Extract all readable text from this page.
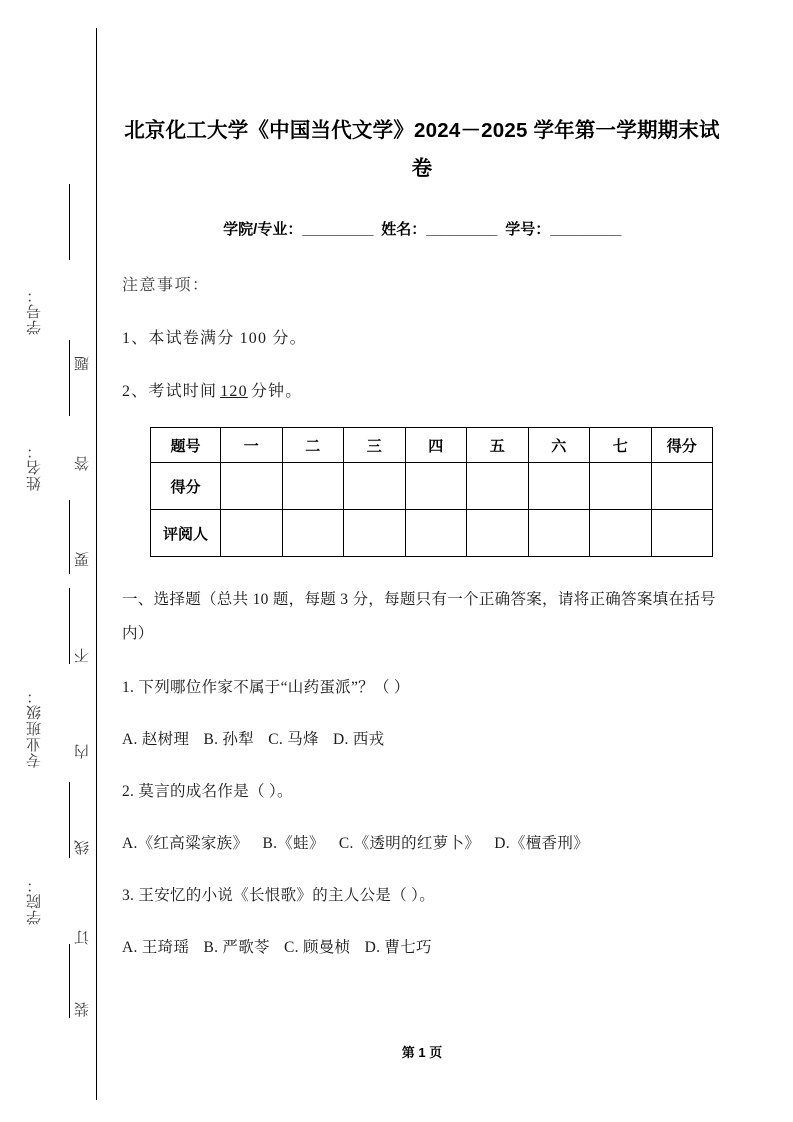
学号：
姓名：
专业班级：
学院：
题
答
要
不
内
线
订
装
北京化工大学《中国当代文学》2024－2025 学年第一学期期末试卷

学院/专业：_________ 姓名：_________ 学号：_________

注意事项：

1、本试卷满分 100 分。

2、考试时间 120 分钟。

题号	一	二	三	四	五	六	七	得分
得分								
评阅人								

一、选择题（总共 10 题，每题 3 分，每题只有一个正确答案，请将正确答案填在括号内）

1. 下列哪位作家不属于“山药蛋派”？（ ）

A. 赵树理 B. 孙犁 C. 马烽 D. 西戎

2. 莫言的成名作是（ ）。

A.《红高粱家族》 B.《蛙》 C.《透明的红萝卜》 D.《檀香刑》

3. 王安忆的小说《长恨歌》的主人公是（ ）。

A. 王琦瑶 B. 严歌苓 C. 顾曼桢 D. 曹七巧

第 1 页
